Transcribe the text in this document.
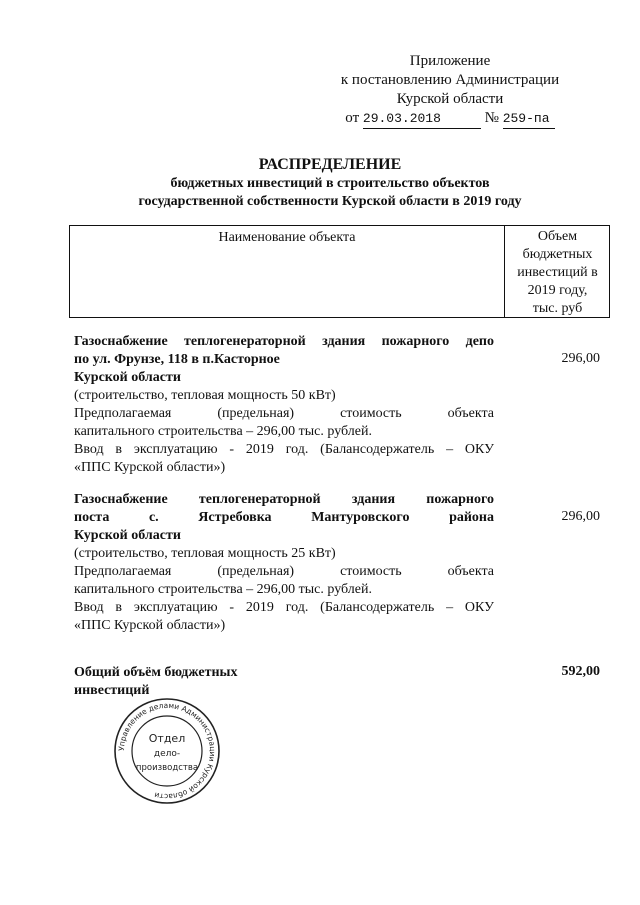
Приложение
к постановлению Администрации
Курской области
от 29.03.2018	№ 259-па
РАСПРЕДЕЛЕНИЕ
бюджетных инвестиций в строительство объектов
государственной собственности Курской области в 2019 году
Наименование объекта	Объем
бюджетных
инвестиций в
2019 году,
тыс. руб
Газоснабжение теплогенераторной здания пожарного депо
по ул. Фрунзе, 118 в п.Касторное
Курской области
(строительство, тепловая мощность 50 кВт)
Предполагаемая (предельная) стоимость объекта
капитального строительства – 296,00 тыс. рублей.
Ввод в эксплуатацию - 2019 год. (Балансодержатель – ОКУ
«ППС Курской области»)
296,00
Газоснабжение теплогенераторной здания пожарного
поста с. Ястребовка Мантуровского района
Курской области
(строительство, тепловая мощность 25 кВт)
Предполагаемая (предельная) стоимость объекта
капитального строительства – 296,00 тыс. рублей.
Ввод в эксплуатацию - 2019 год. (Балансодержатель – ОКУ
«ППС Курской области»)
296,00
Общий объём бюджетных
инвестиций
592,00
Управление делами Администрации Курской области
Отдел
дело-
производства
